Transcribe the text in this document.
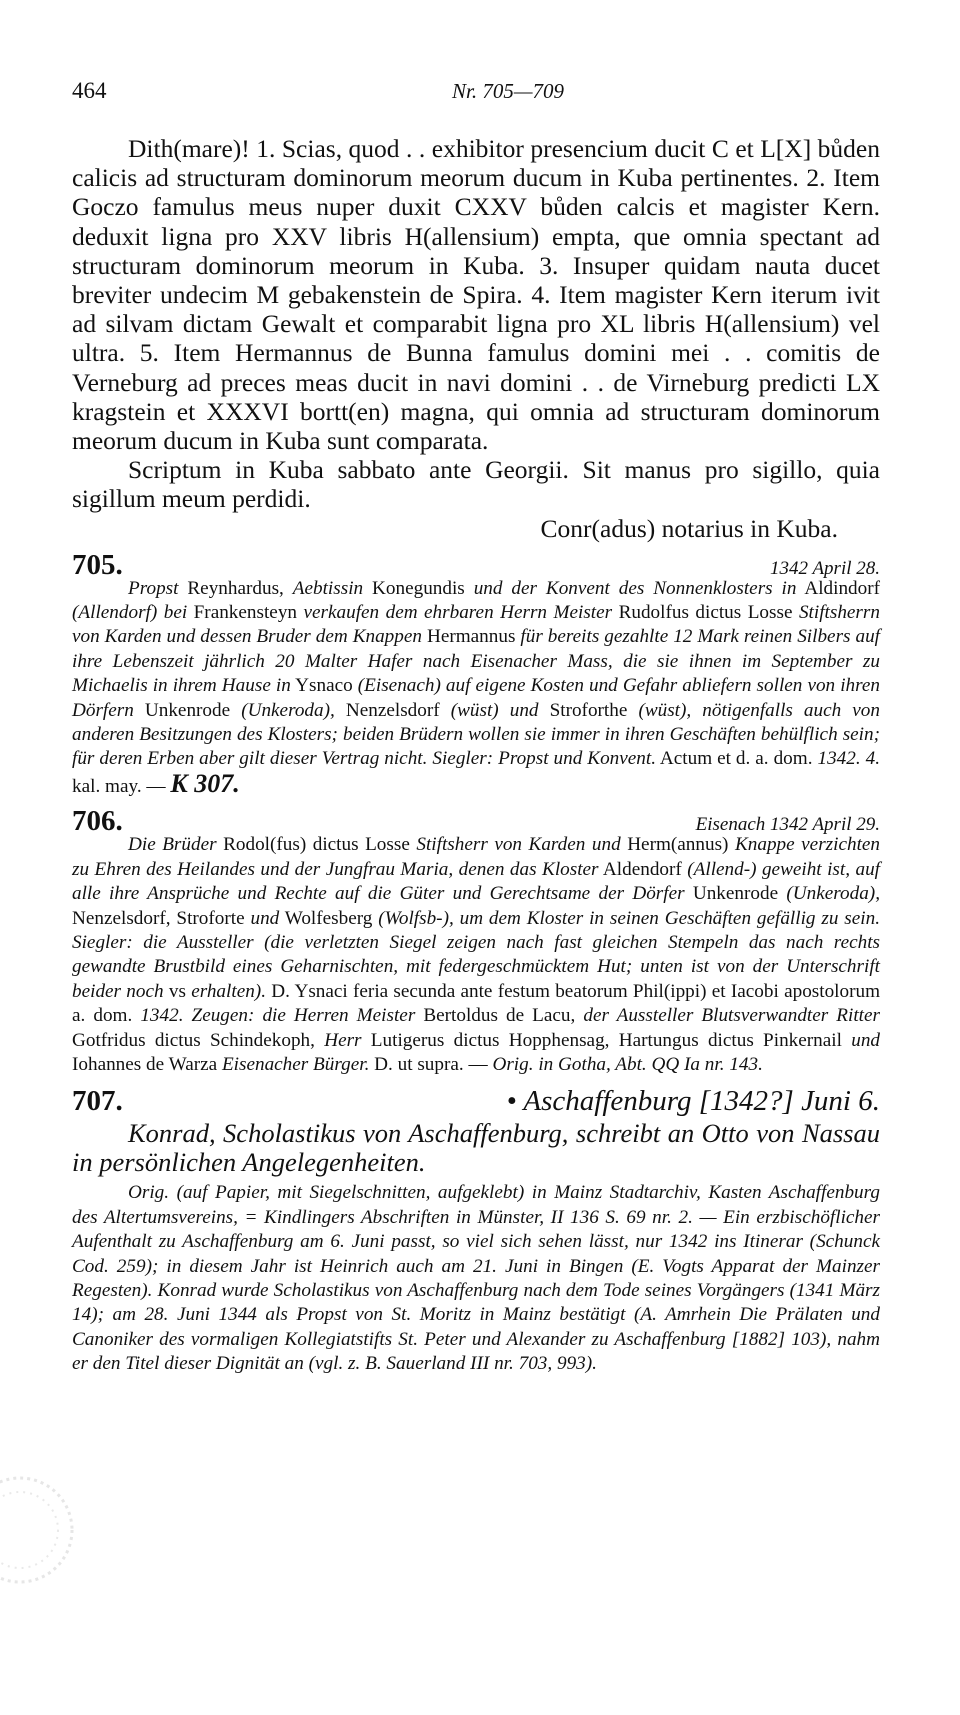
464	Nr. 705—709

Dith(mare)! 1. Scias, quod . . exhibitor presencium ducit C et L[X] bůden calicis ad structuram dominorum meorum ducum in Kuba pertinentes. 2. Item Goczo famulus meus nuper duxit CXXV bůden calcis et magister Kern. deduxit ligna pro XXV libris H(allensium) empta, que omnia spectant ad structuram dominorum meorum in Kuba. 3. Insuper quidam nauta ducet breviter undecim M gebakenstein de Spira. 4. Item magister Kern iterum ivit ad silvam dictam Gewalt et comparabit ligna pro XL libris H(allensium) vel ultra. 5. Item Hermannus de Bunna famulus domini mei . . comitis de Verneburg ad preces meas ducit in navi domini . . de Virneburg predicti LX kragstein et XXXVI bortt(en) magna, qui omnia ad structuram dominorum meorum ducum in Kuba sunt comparata.

Scriptum in Kuba sabbato ante Georgii. Sit manus pro sigillo, quia sigillum meum perdidi.

Conr(adus) notarius in Kuba.

705.	1342 April 28.

Propst Reynhardus, Aebtissin Konegundis und der Konvent des Nonnenklosters in Aldindorf (Allendorf) bei Frankensteyn verkaufen dem ehrbaren Herrn Meister Rudolfus dictus Losse Stiftsherrn von Karden und dessen Bruder dem Knappen Hermannus für bereits gezahlte 12 Mark reinen Silbers auf ihre Lebenszeit jährlich 20 Malter Hafer nach Eisenacher Mass, die sie ihnen im September zu Michaelis in ihrem Hause in Ysnaco (Eisenach) auf eigene Kosten und Gefahr abliefern sollen von ihren Dörfern Unkenrode (Unkeroda), Nenzelsdorf (wüst) und Stroforthe (wüst), nötigenfalls auch von anderen Besitzungen des Klosters; beiden Brüdern wollen sie immer in ihren Geschäften behülflich sein; für deren Erben aber gilt dieser Vertrag nicht. Siegler: Propst und Konvent. Actum et d. a. dom. 1342. 4. kal. may. — K 307.

706.	Eisenach 1342 April 29.

Die Brüder Rodol(fus) dictus Losse Stiftsherr von Karden und Herm(annus) Knappe verzichten zu Ehren des Heilandes und der Jungfrau Maria, denen das Kloster Aldendorf (Allend-) geweiht ist, auf alle ihre Ansprüche und Rechte auf die Güter und Gerechtsame der Dörfer Unkenrode (Unkeroda), Nenzelsdorf, Stroforte und Wolfesberg (Wolfsb-), um dem Kloster in seinen Geschäften gefällig zu sein. Siegler: die Aussteller (die verletzten Siegel zeigen nach fast gleichen Stempeln das nach rechts gewandte Brustbild eines Geharnischten, mit federgeschmücktem Hut; unten ist von der Unterschrift beider noch vs erhalten). D. Ysnaci feria secunda ante festum beatorum Phil(ippi) et Iacobi apostolorum a. dom. 1342. Zeugen: die Herren Meister Bertoldus de Lacu, der Aussteller Blutsverwandter Ritter Gotfridus dictus Schindekoph, Herr Lutigerus dictus Hopphensag, Hartungus dictus Pinkernail und Iohannes de Warza Eisenacher Bürger. D. ut supra. — Orig. in Gotha, Abt. QQ Ia nr. 143.

707.	• Aschaffenburg [1342?] Juni 6.

Konrad, Scholastikus von Aschaffenburg, schreibt an Otto von Nassau in persönlichen Angelegenheiten.

Orig. (auf Papier, mit Siegelschnitten, aufgeklebt) in Mainz Stadtarchiv, Kasten Aschaffenburg des Altertumsvereins, = Kindlingers Abschriften in Münster, II 136 S. 69 nr. 2. — Ein erzbischöflicher Aufenthalt zu Aschaffenburg am 6. Juni passt, so viel sich sehen lässt, nur 1342 ins Itinerar (Schunck Cod. 259); in diesem Jahr ist Heinrich auch am 21. Juni in Bingen (E. Vogts Apparat der Mainzer Regesten). Konrad wurde Scholastikus von Aschaffenburg nach dem Tode seines Vorgängers (1341 März 14); am 28. Juni 1344 als Propst von St. Moritz in Mainz bestätigt (A. Amrhein Die Prälaten und Canoniker des vormaligen Kollegiatstifts St. Peter und Alexander zu Aschaffenburg [1882] 103), nahm er den Titel dieser Dignität an (vgl. z. B. Sauerland III nr. 703, 993).
